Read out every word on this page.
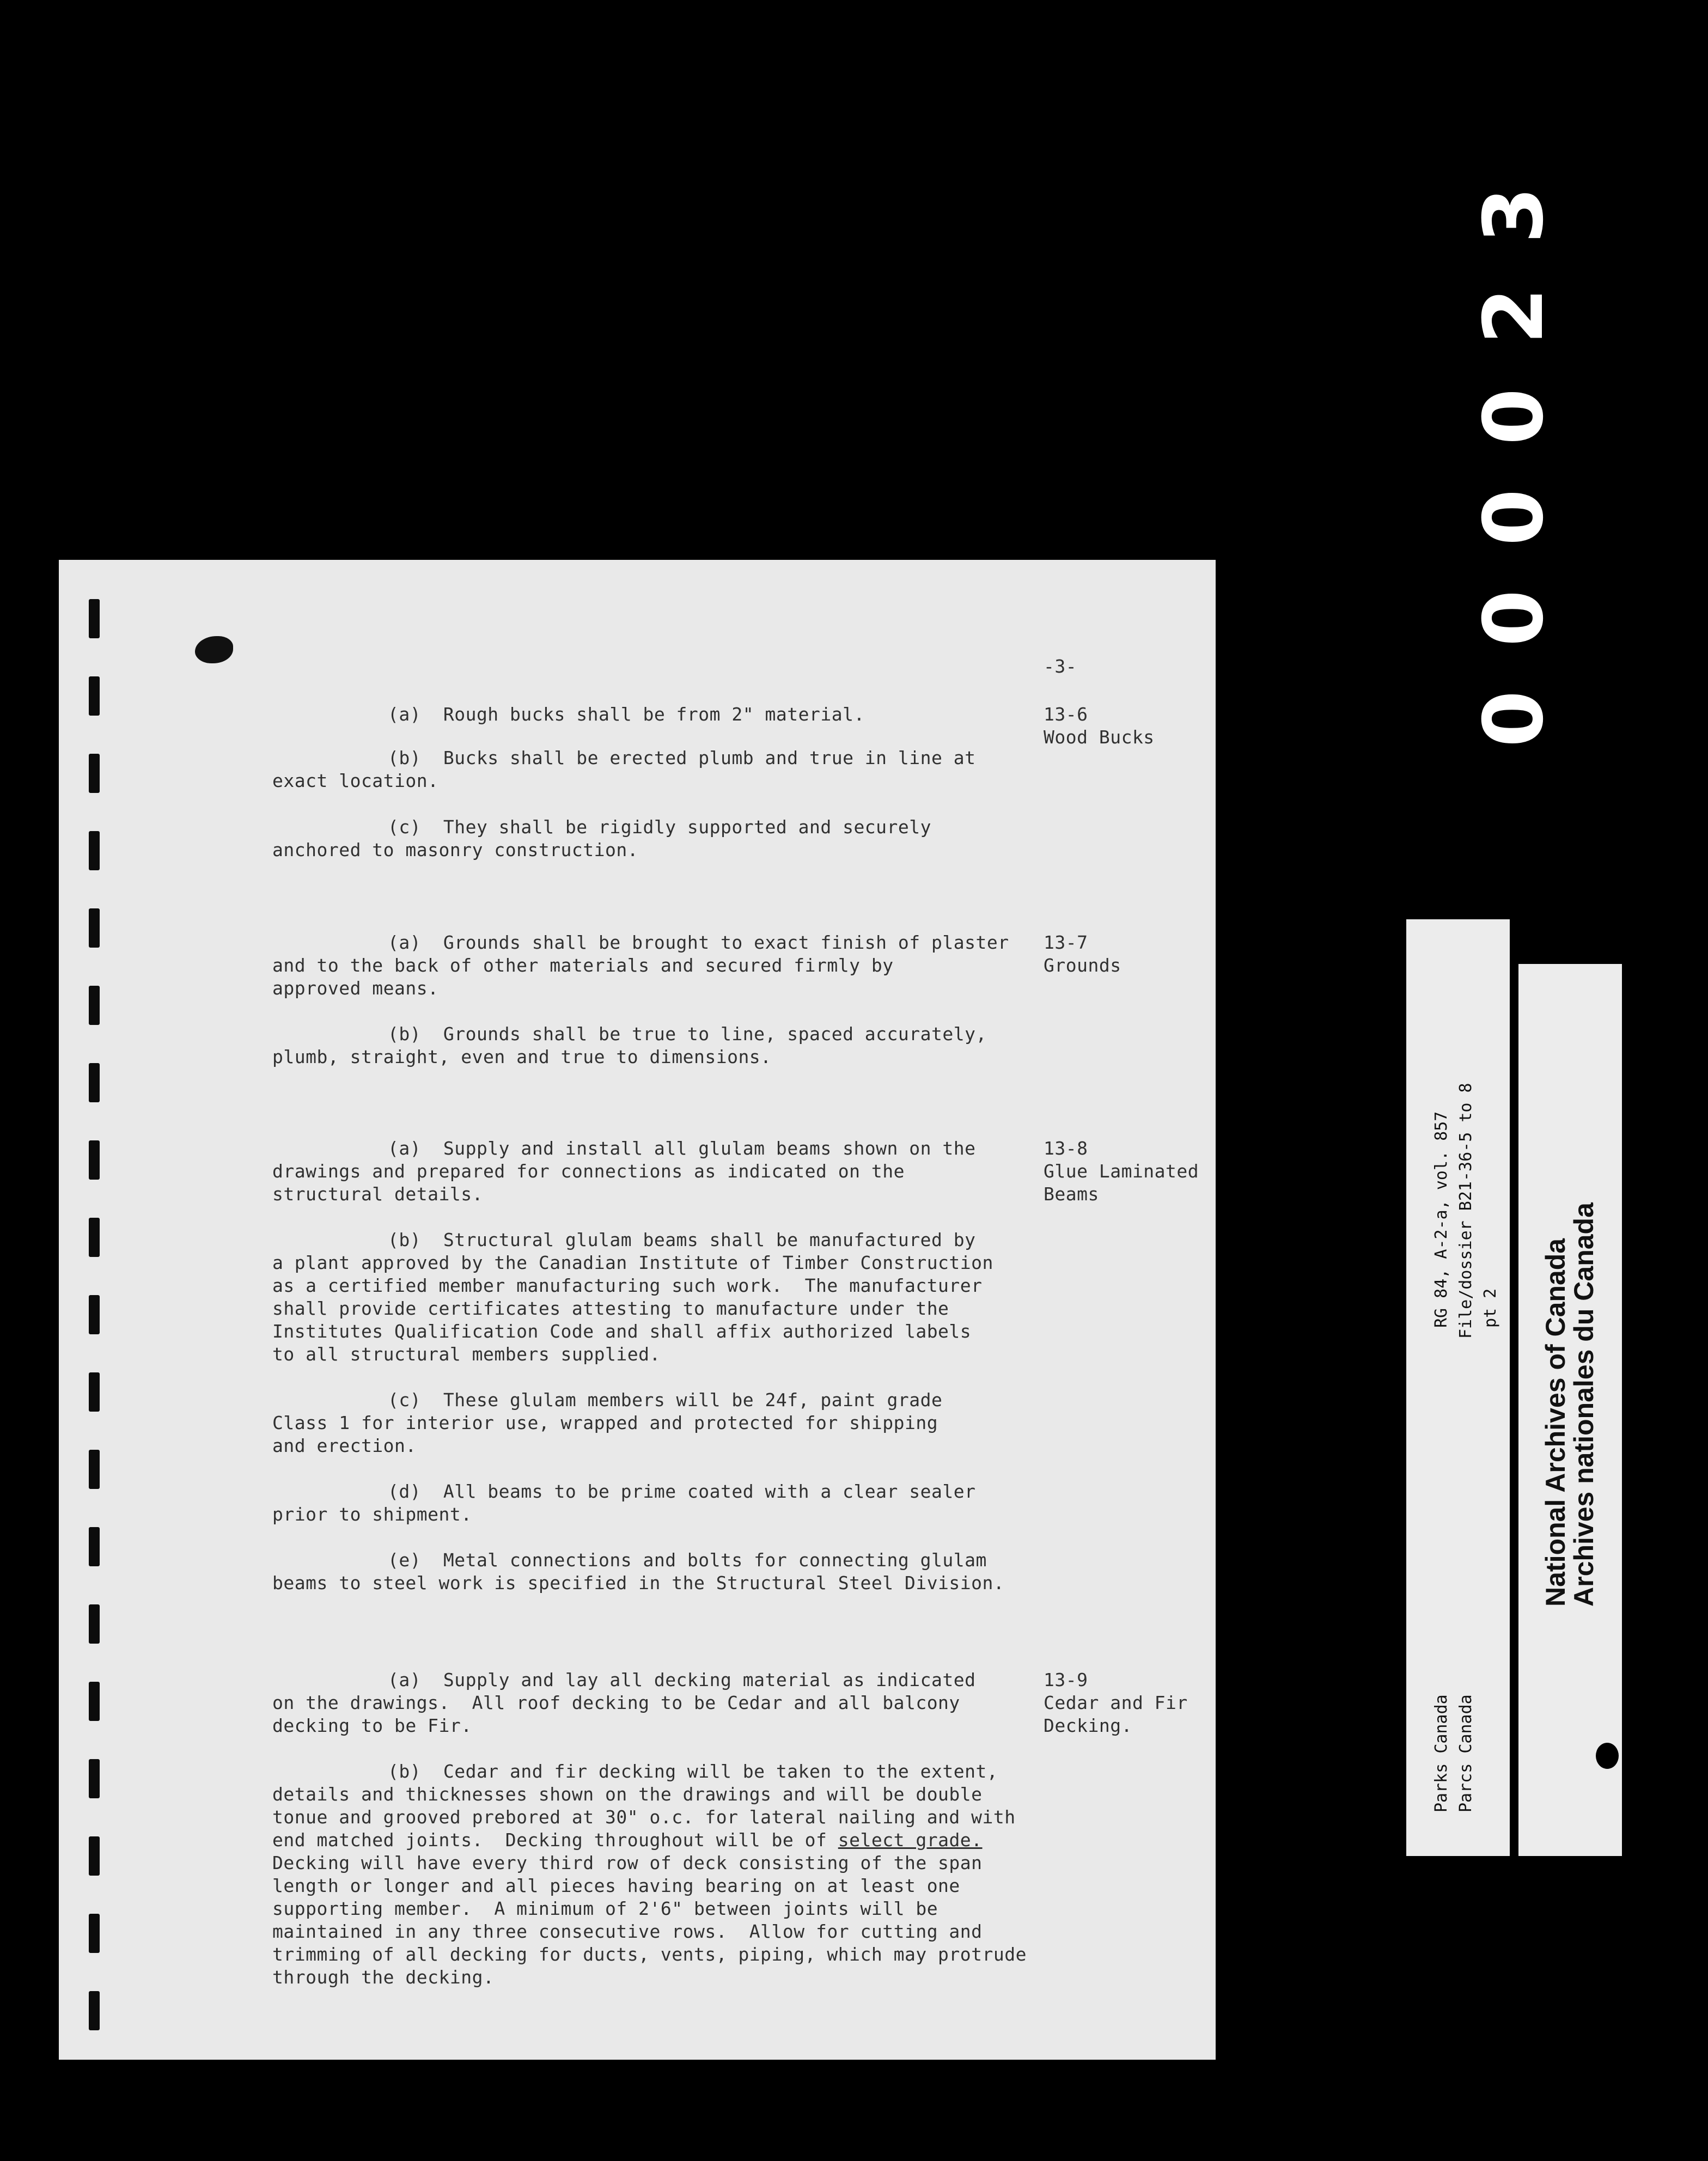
0
0
0
0
2
3
-3-
(a)  Rough bucks shall be from 2" material.	13-6
Wood Bucks
(b)  Bucks shall be erected plumb and true in line at
exact location.
(c)  They shall be rigidly supported and securely
anchored to masonry construction.
(a)  Grounds shall be brought to exact finish of plaster 13-7
and to the back of other materials and secured firmly by	Grounds
approved means.
(b)  Grounds shall be true to line, spaced accurately,
plumb, straight, even and true to dimensions.
(a)  Supply and install all glulam beams shown on the	13-8
drawings and prepared for connections as indicated on the	Glue Laminated
structural details.	Beams
(b)  Structural glulam beams shall be manufactured by
a plant approved by the Canadian Institute of Timber Construction
as a certified member manufacturing such work.  The manufacturer
shall provide certificates attesting to manufacture under the
Institutes Qualification Code and shall affix authorized labels
to all structural members supplied.
(c)  These glulam members will be 24f, paint grade
Class 1 for interior use, wrapped and protected for shipping
and erection.
(d)  All beams to be prime coated with a clear sealer
prior to shipment.
(e)  Metal connections and bolts for connecting glulam
beams to steel work is specified in the Structural Steel Division.
(a)  Supply and lay all decking material as indicated	13-9
on the drawings.  All roof decking to be Cedar and all balcony	Cedar and Fir
decking to be Fir.	Decking.
(b)  Cedar and fir decking will be taken to the extent,
details and thicknesses shown on the drawings and will be double
tonue and grooved prebored at 30" o.c. for lateral nailing and with
end matched joints.  Decking throughout will be of select grade.
Decking will have every third row of deck consisting of the span
length or longer and all pieces having bearing on at least one
supporting member.  A minimum of 2'6" between joints will be
maintained in any three consecutive rows.  Allow for cutting and
trimming of all decking for ducts, vents, piping, which may protrude
through the decking.
RG 84, A-2-a, vol. 857 File/dossier B21-36-5 to 8 pt 2
Parks Canada Parcs Canada
National Archives of Canada
Archives nationales du Canada
